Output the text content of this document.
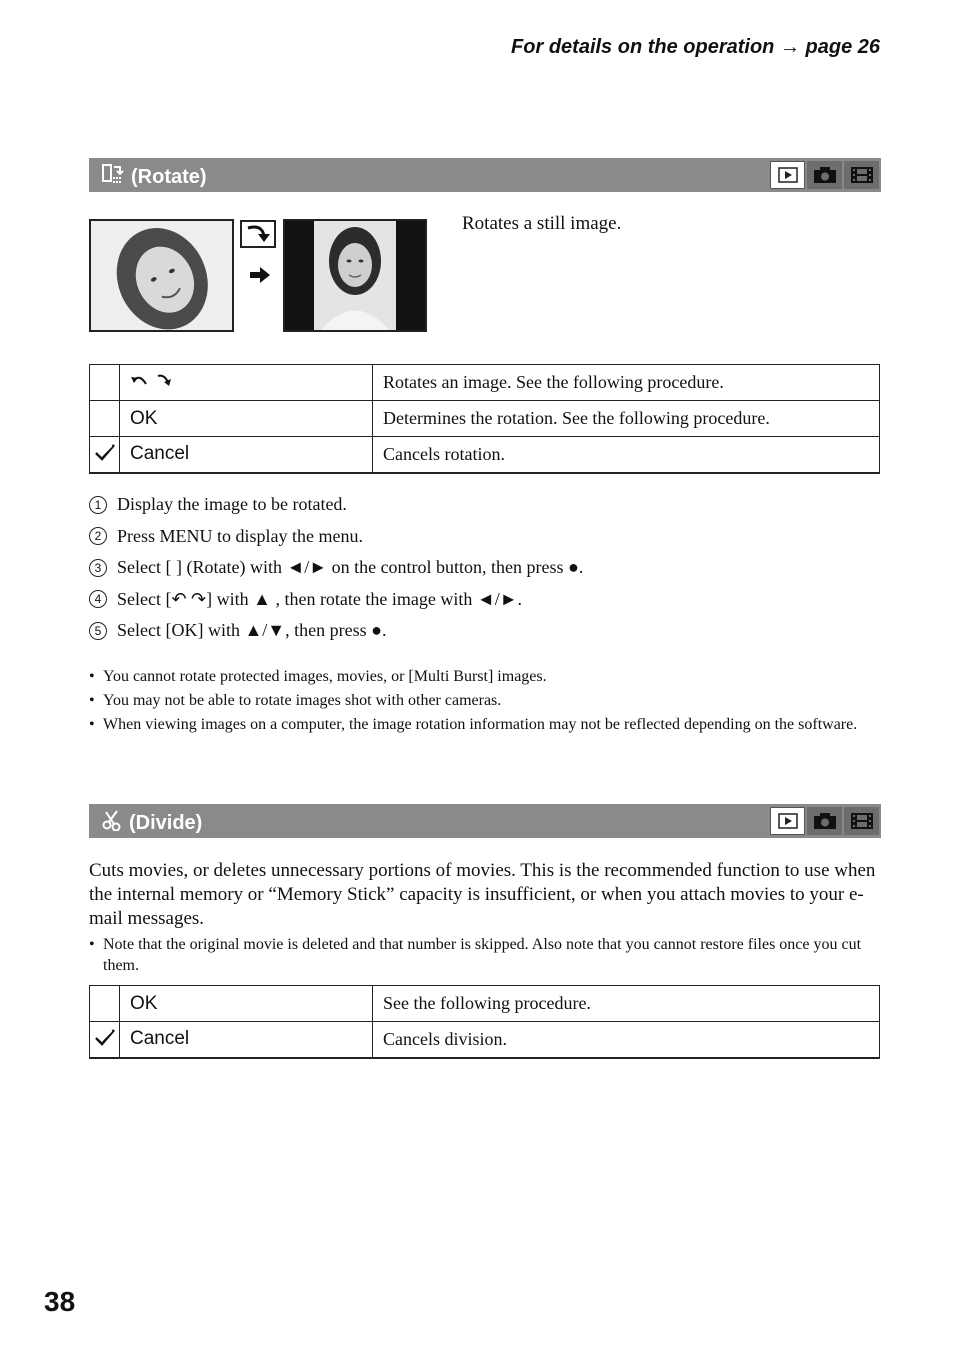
For details on the operation → page 26
(Rotate)
Rotates a still image.
		Rotates an image. See the following procedure.
	OK	Determines the rotation. See the following procedure.
	Cancel	Cancels rotation.
1 Display the image to be rotated.
2 Press MENU to display the menu.
3 Select [ ] (Rotate) with ◄/► on the control button, then press ●.
4 Select [↶ ↷] with ▲ , then rotate the image with ◄/►.
5 Select [OK] with ▲/▼, then press ●.
• You cannot rotate protected images, movies, or [Multi Burst] images.
• You may not be able to rotate images shot with other cameras.
• When viewing images on a computer, the image rotation information may not be reflected depending on the software.
(Divide)
Cuts movies, or deletes unnecessary portions of movies. This is the recommended function to use when the internal memory or “Memory Stick” capacity is insufficient, or when you attach movies to your e-mail messages.
• Note that the original movie is deleted and that number is skipped. Also note that you cannot restore files once you cut them.
	OK	See the following procedure.
	Cancel	Cancels division.
38
